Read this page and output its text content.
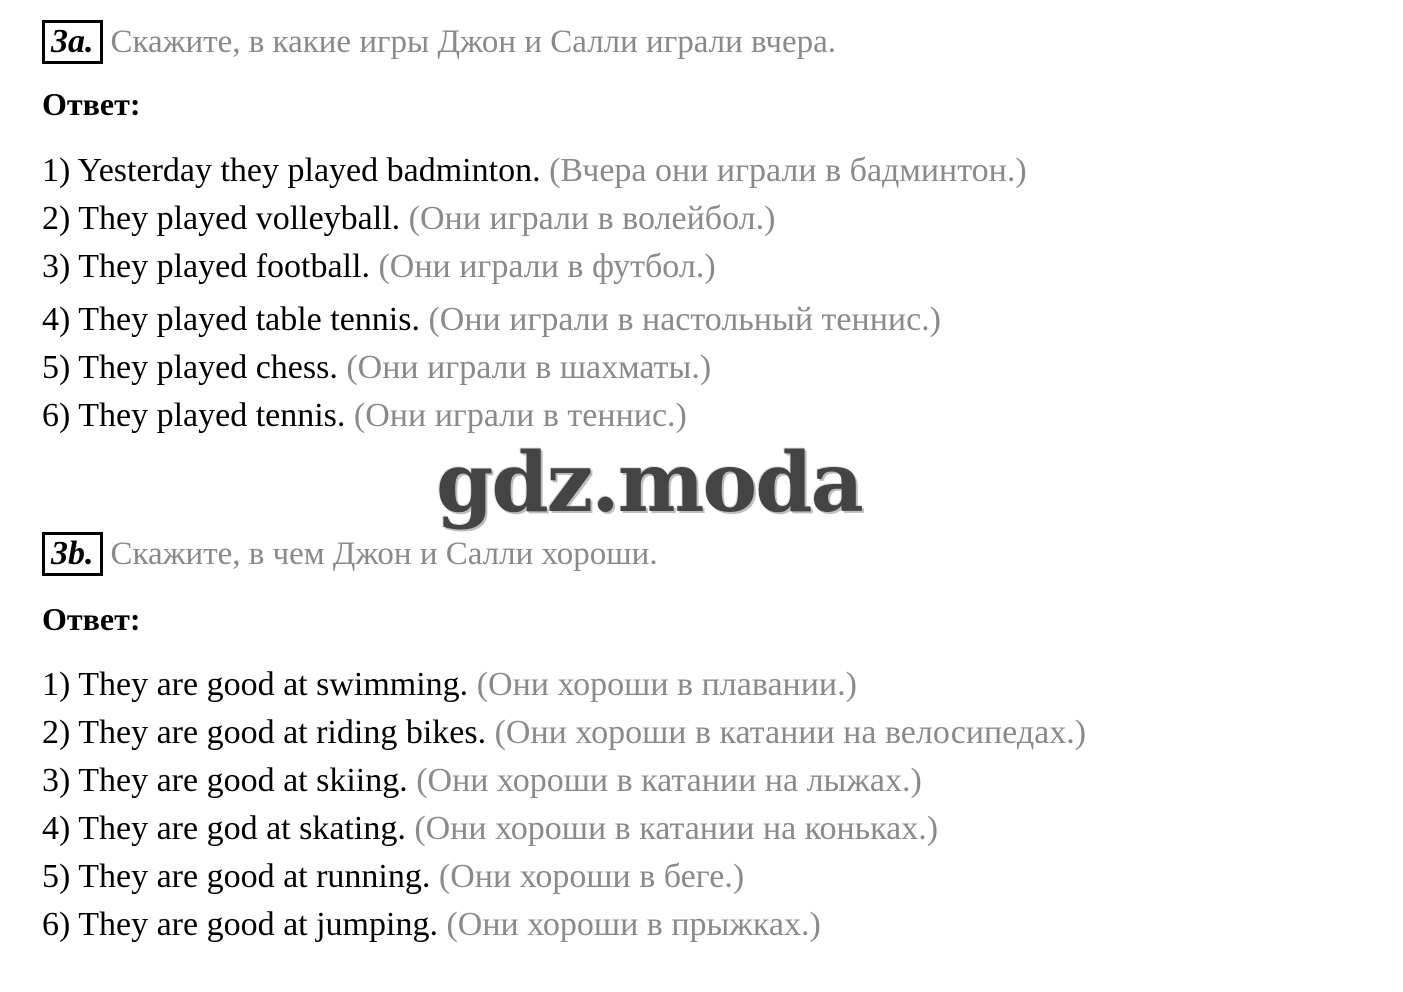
3a. Скажите, в какие игры Джон и Салли играли вчера.
Ответ:
1) Yesterday they played badminton. (Вчера они играли в бадминтон.)
2) They played volleyball. (Они играли в волейбол.)
3) They played football. (Они играли в футбол.)
4) They played table tennis. (Они играли в настольный теннис.)
5) They played chess. (Они играли в шахматы.)
6) They played tennis. (Они играли в теннис.)
gdz.moda
3b. Скажите, в чем Джон и Салли хороши.
Ответ:
1) They are good at swimming. (Они хороши в плавании.)
2) They are good at riding bikes. (Они хороши в катании на велосипедах.)
3) They are good at skiing. (Они хороши в катании на лыжах.)
4) They are god at skating. (Они хороши в катании на коньках.)
5) They are good at running. (Они хороши в беге.)
6) They are good at jumping. (Они хороши в прыжках.)
